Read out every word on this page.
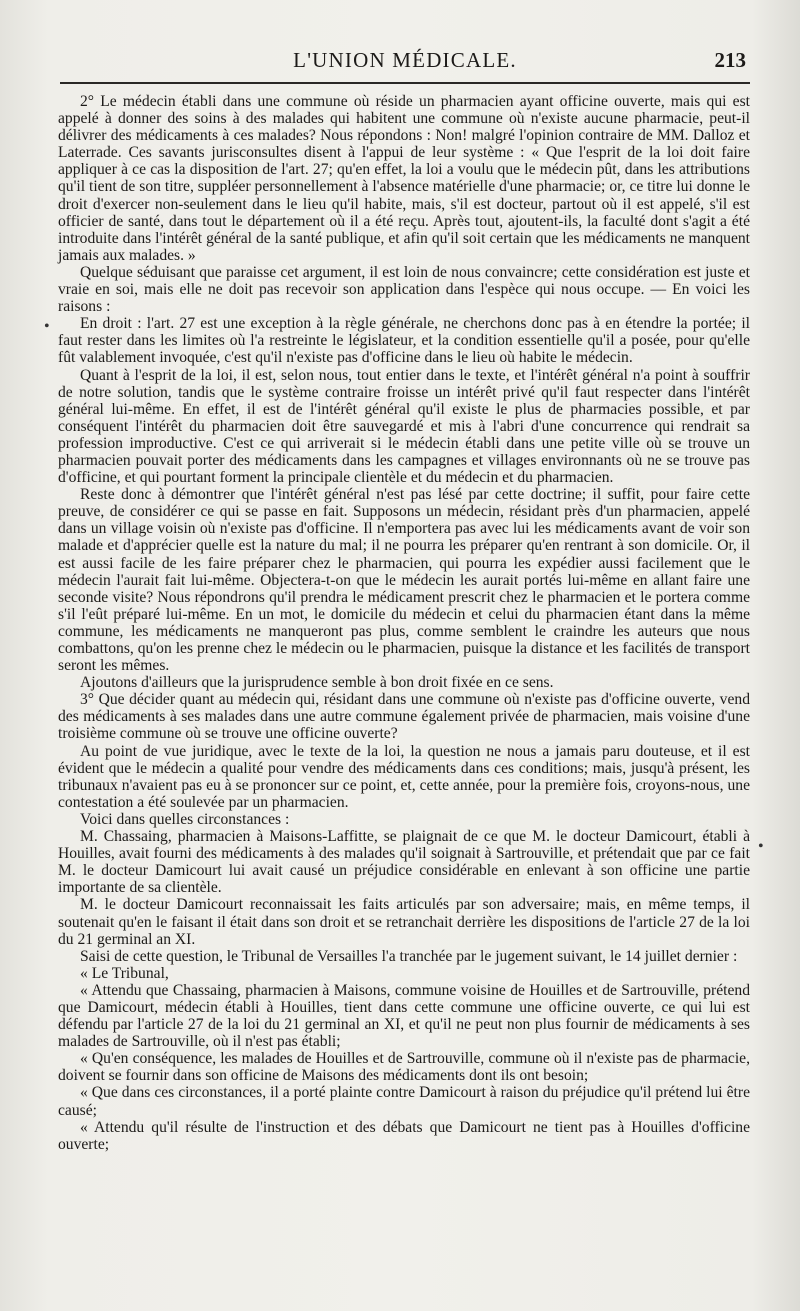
L'UNION MÉDICALE.	213
•
•

2° Le médecin établi dans une commune où réside un pharmacien ayant officine ouverte, mais qui est appelé à donner des soins à des malades qui habitent une commune où n'existe aucune pharmacie, peut-il délivrer des médicaments à ces malades? Nous répondons : Non! malgré l'opinion contraire de MM. Dalloz et Laterrade. Ces savants jurisconsultes disent à l'appui de leur système : « Que l'esprit de la loi doit faire appliquer à ce cas la disposition de l'art. 27; qu'en effet, la loi a voulu que le médecin pût, dans les attributions qu'il tient de son titre, suppléer personnellement à l'absence matérielle d'une pharmacie; or, ce titre lui donne le droit d'exercer non-seulement dans le lieu qu'il habite, mais, s'il est docteur, partout où il est appelé, s'il est officier de santé, dans tout le département où il a été reçu. Après tout, ajoutent-ils, la faculté dont s'agit a été introduite dans l'intérêt général de la santé publique, et afin qu'il soit certain que les médicaments ne manquent jamais aux malades. »

Quelque séduisant que paraisse cet argument, il est loin de nous convaincre; cette considération est juste et vraie en soi, mais elle ne doit pas recevoir son application dans l'espèce qui nous occupe. — En voici les raisons :

En droit : l'art. 27 est une exception à la règle générale, ne cherchons donc pas à en étendre la portée; il faut rester dans les limites où l'a restreinte le législateur, et la condition essentielle qu'il a posée, pour qu'elle fût valablement invoquée, c'est qu'il n'existe pas d'officine dans le lieu où habite le médecin.

Quant à l'esprit de la loi, il est, selon nous, tout entier dans le texte, et l'intérêt général n'a point à souffrir de notre solution, tandis que le système contraire froisse un intérêt privé qu'il faut respecter dans l'intérêt général lui-même. En effet, il est de l'intérêt général qu'il existe le plus de pharmacies possible, et par conséquent l'intérêt du pharmacien doit être sauvegardé et mis à l'abri d'une concurrence qui rendrait sa profession improductive. C'est ce qui arriverait si le médecin établi dans une petite ville où se trouve un pharmacien pouvait porter des médicaments dans les campagnes et villages environnants où ne se trouve pas d'officine, et qui pourtant forment la principale clientèle et du médecin et du pharmacien.

Reste donc à démontrer que l'intérêt général n'est pas lésé par cette doctrine; il suffit, pour faire cette preuve, de considérer ce qui se passe en fait. Supposons un médecin, résidant près d'un pharmacien, appelé dans un village voisin où n'existe pas d'officine. Il n'emportera pas avec lui les médicaments avant de voir son malade et d'apprécier quelle est la nature du mal; il ne pourra les préparer qu'en rentrant à son domicile. Or, il est aussi facile de les faire préparer chez le pharmacien, qui pourra les expédier aussi facilement que le médecin l'aurait fait lui-même. Objectera-t-on que le médecin les aurait portés lui-même en allant faire une seconde visite? Nous répondrons qu'il prendra le médicament prescrit chez le pharmacien et le portera comme s'il l'eût préparé lui-même. En un mot, le domicile du médecin et celui du pharmacien étant dans la même commune, les médicaments ne manqueront pas plus, comme semblent le craindre les auteurs que nous combattons, qu'on les prenne chez le médecin ou le pharmacien, puisque la distance et les facilités de transport seront les mêmes.

Ajoutons d'ailleurs que la jurisprudence semble à bon droit fixée en ce sens.

3° Que décider quant au médecin qui, résidant dans une commune où n'existe pas d'officine ouverte, vend des médicaments à ses malades dans une autre commune également privée de pharmacien, mais voisine d'une troisième commune où se trouve une officine ouverte?

Au point de vue juridique, avec le texte de la loi, la question ne nous a jamais paru douteuse, et il est évident que le médecin a qualité pour vendre des médicaments dans ces conditions; mais, jusqu'à présent, les tribunaux n'avaient pas eu à se prononcer sur ce point, et, cette année, pour la première fois, croyons-nous, une contestation a été soulevée par un pharmacien.

Voici dans quelles circonstances :

M. Chassaing, pharmacien à Maisons-Laffitte, se plaignait de ce que M. le docteur Damicourt, établi à Houilles, avait fourni des médicaments à des malades qu'il soignait à Sartrouville, et prétendait que par ce fait M. le docteur Damicourt lui avait causé un préjudice considérable en enlevant à son officine une partie importante de sa clientèle.

M. le docteur Damicourt reconnaissait les faits articulés par son adversaire; mais, en même temps, il soutenait qu'en le faisant il était dans son droit et se retranchait derrière les dispositions de l'article 27 de la loi du 21 germinal an XI.

Saisi de cette question, le Tribunal de Versailles l'a tranchée par le jugement suivant, le 14 juillet dernier :

« Le Tribunal,

« Attendu que Chassaing, pharmacien à Maisons, commune voisine de Houilles et de Sartrouville, prétend que Damicourt, médecin établi à Houilles, tient dans cette commune une officine ouverte, ce qui lui est défendu par l'article 27 de la loi du 21 germinal an XI, et qu'il ne peut non plus fournir de médicaments à ses malades de Sartrouville, où il n'est pas établi;

« Qu'en conséquence, les malades de Houilles et de Sartrouville, commune où il n'existe pas de pharmacie, doivent se fournir dans son officine de Maisons des médicaments dont ils ont besoin;

« Que dans ces circonstances, il a porté plainte contre Damicourt à raison du préjudice qu'il prétend lui être causé;

« Attendu qu'il résulte de l'instruction et des débats que Damicourt ne tient pas à Houilles d'officine ouverte;
